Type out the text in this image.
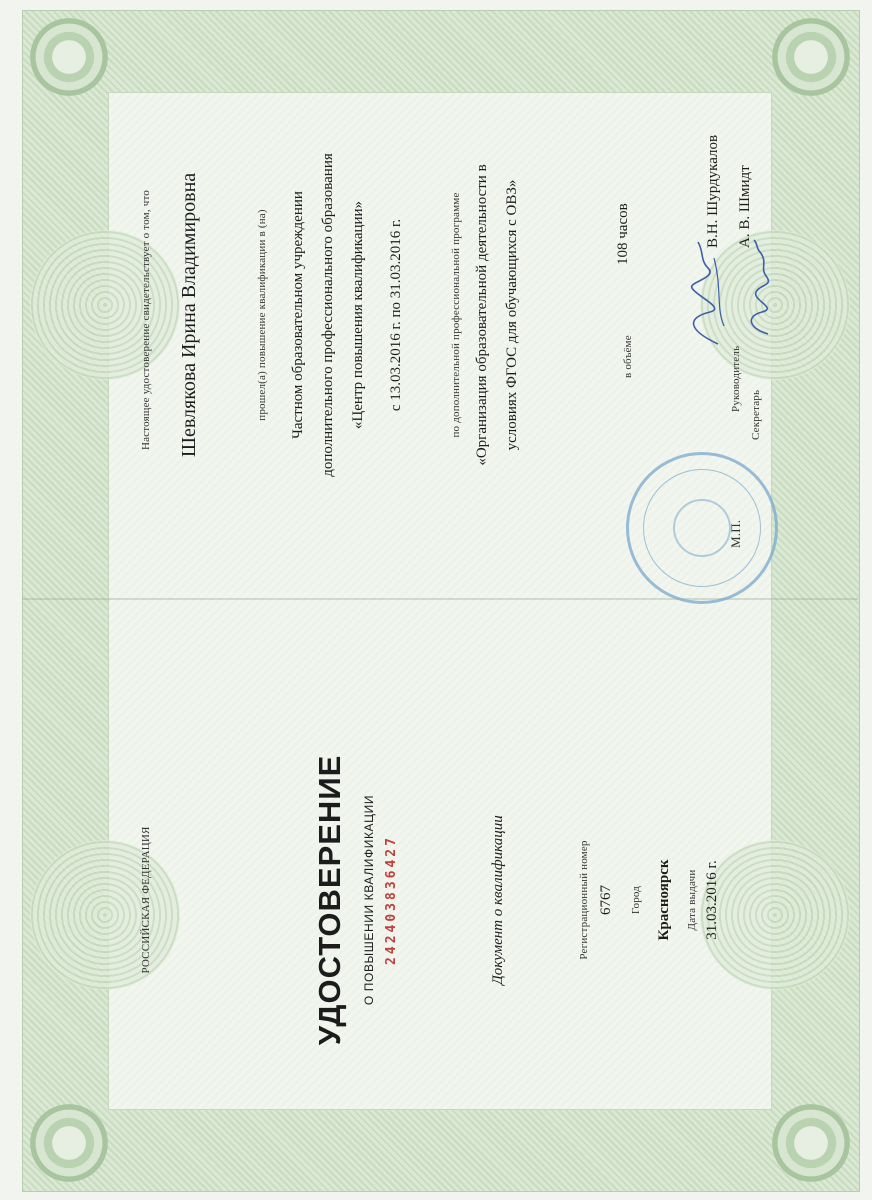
РОССИЙСКАЯ ФЕДЕРАЦИЯ	УДОСТОВЕРЕНИЕ О ПОВЫШЕНИИ КВАЛИФИКАЦИИ 242403836427	Документ о квалификации	Регистрационный номер 6767 Город Красноярск Дата выдачи 31.03.2016 г.
Настоящее удостоверение свидетельствует о том, что Шевлякова Ирина Владимировна	прошел(а) повышение квалификации в (на) Частном образовательном учреждении дополнительного профессионального образования «Центр повышения квалификации» с 13.03.2016 г. по 31.03.2016 г.	по дополнительной профессиональной программе «Организация образовательной деятельности в условиях ФГОС для обучающихся с ОВЗ»	в объёме
108 часов
Руководитель
В.Н. Шурдукалов
Секретарь
А. В. Шмидт
М.П.
